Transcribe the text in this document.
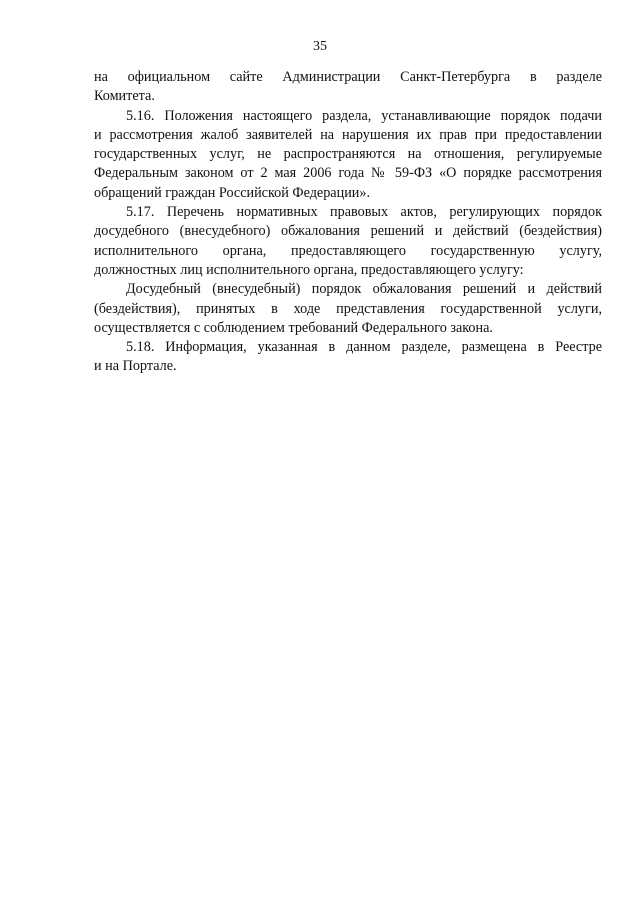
35
на официальном сайте Администрации Санкт-Петербурга в разделе
Комитета.
5.16. Положения настоящего раздела, устанавливающие порядок подачи
и рассмотрения жалоб заявителей на нарушения их прав при предоставлении
государственных услуг, не распространяются на отношения, регулируемые
Федеральным законом от 2 мая 2006 года № 59-ФЗ «О порядке рассмотрения
обращений граждан Российской Федерации».
5.17. Перечень нормативных правовых актов, регулирующих порядок
досудебного (внесудебного) обжалования решений и действий (бездействия)
исполнительного органа, предоставляющего государственную услугу,
должностных лиц исполнительного органа, предоставляющего услугу:
Досудебный (внесудебный) порядок обжалования решений и действий
(бездействия), принятых в ходе представления государственной услуги,
осуществляется с соблюдением требований Федерального закона.
5.18. Информация, указанная в данном разделе, размещена в Реестре
и на Портале.
